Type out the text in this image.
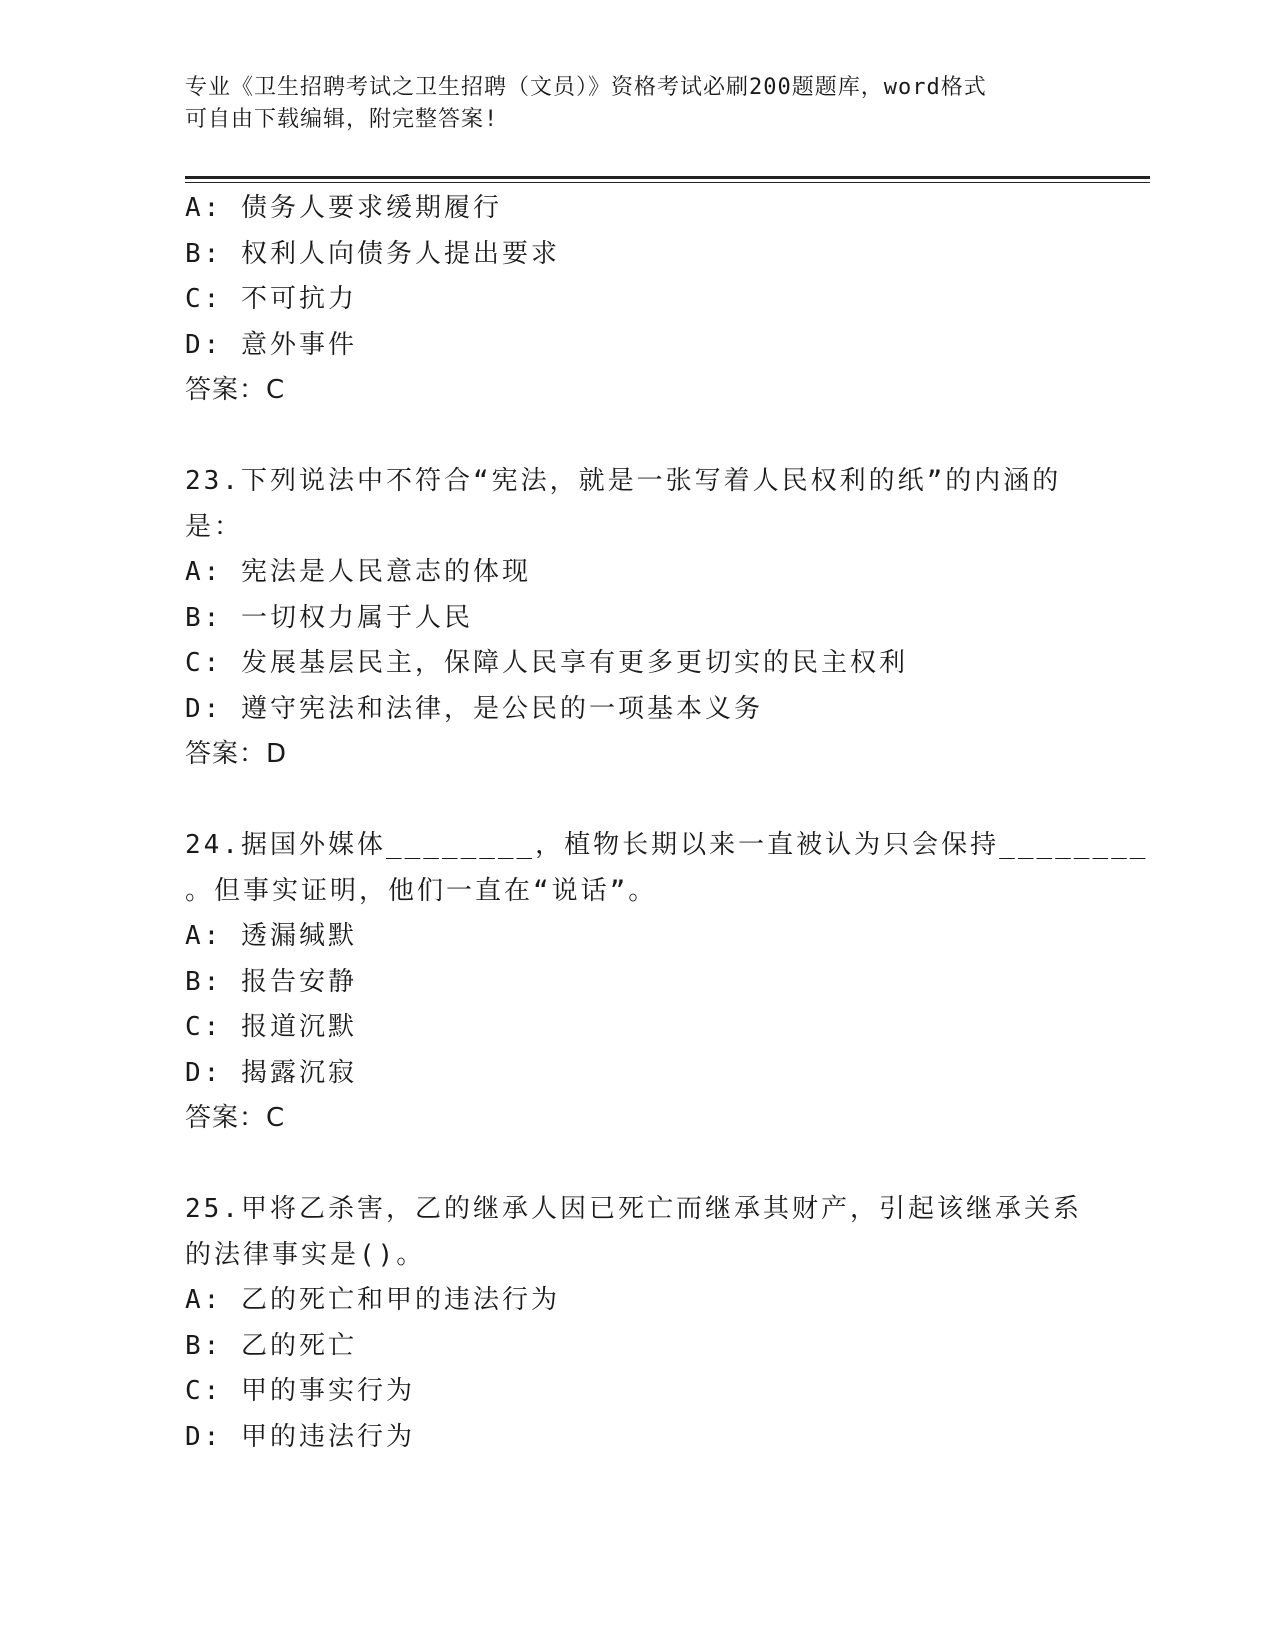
专业《卫生招聘考试之卫生招聘（文员）》资格考试必刷200题题库，word格式
可自由下载编辑，附完整答案!
A: 债务人要求缓期履行
B: 权利人向债务人提出要求
C: 不可抗力
D: 意外事件
答案：C
23.下列说法中不符合“宪法，就是一张写着人民权利的纸”的内涵的
是：
A: 宪法是人民意志的体现
B: 一切权力属于人民
C: 发展基层民主，保障人民享有更多更切实的民主权利
D: 遵守宪法和法律，是公民的一项基本义务
答案：D
24.据国外媒体________，植物长期以来一直被认为只会保持________
。但事实证明，他们一直在“说话”。
A: 透漏缄默
B: 报告安静
C: 报道沉默
D: 揭露沉寂
答案：C
25.甲将乙杀害，乙的继承人因已死亡而继承其财产，引起该继承关系
的法律事实是()。
A: 乙的死亡和甲的违法行为
B: 乙的死亡
C: 甲的事实行为
D: 甲的违法行为
